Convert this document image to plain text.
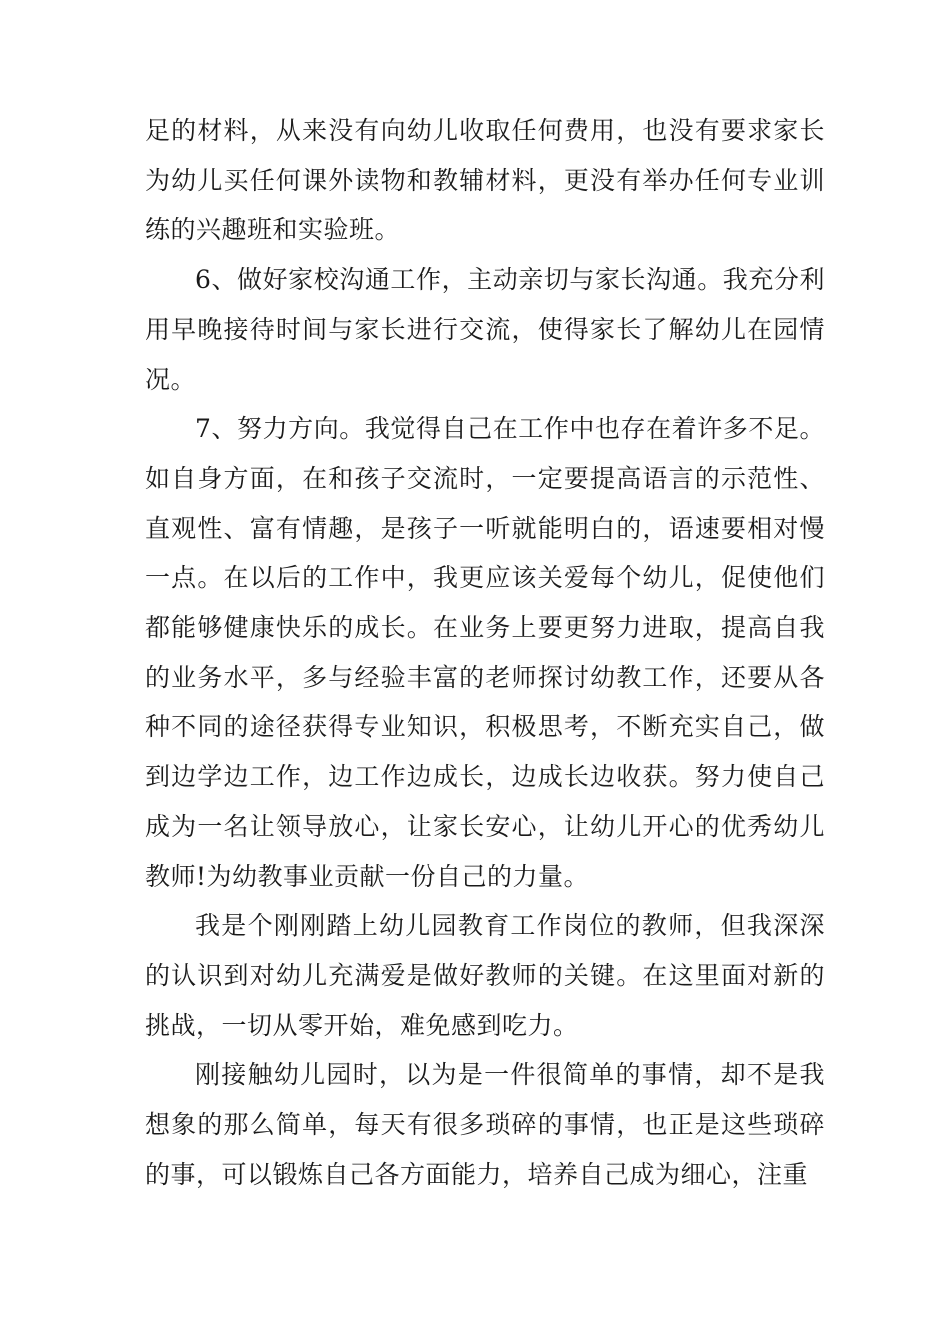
足的材料，从来没有向幼儿收取任何费用，也没有要求家长为幼儿买任何课外读物和教辅材料，更没有举办任何专业训练的兴趣班和实验班。

6、做好家校沟通工作，主动亲切与家长沟通。我充分利用早晚接待时间与家长进行交流，使得家长了解幼儿在园情况。

7、努力方向。我觉得自己在工作中也存在着许多不足。如自身方面，在和孩子交流时，一定要提高语言的示范性、直观性、富有情趣，是孩子一听就能明白的，语速要相对慢一点。在以后的工作中，我更应该关爱每个幼儿，促使他们都能够健康快乐的成长。在业务上要更努力进取，提高自我的业务水平，多与经验丰富的老师探讨幼教工作，还要从各种不同的途径获得专业知识，积极思考，不断充实自己，做到边学边工作，边工作边成长，边成长边收获。努力使自己成为一名让领导放心，让家长安心，让幼儿开心的优秀幼儿教师!为幼教事业贡献一份自己的力量。

我是个刚刚踏上幼儿园教育工作岗位的教师，但我深深的认识到对幼儿充满爱是做好教师的关键。在这里面对新的挑战，一切从零开始，难免感到吃力。

刚接触幼儿园时，以为是一件很简单的事情，却不是我想象的那么简单，每天有很多琐碎的事情，也正是这些琐碎的事，可以锻炼自己各方面能力，培养自己成为细心，注重
